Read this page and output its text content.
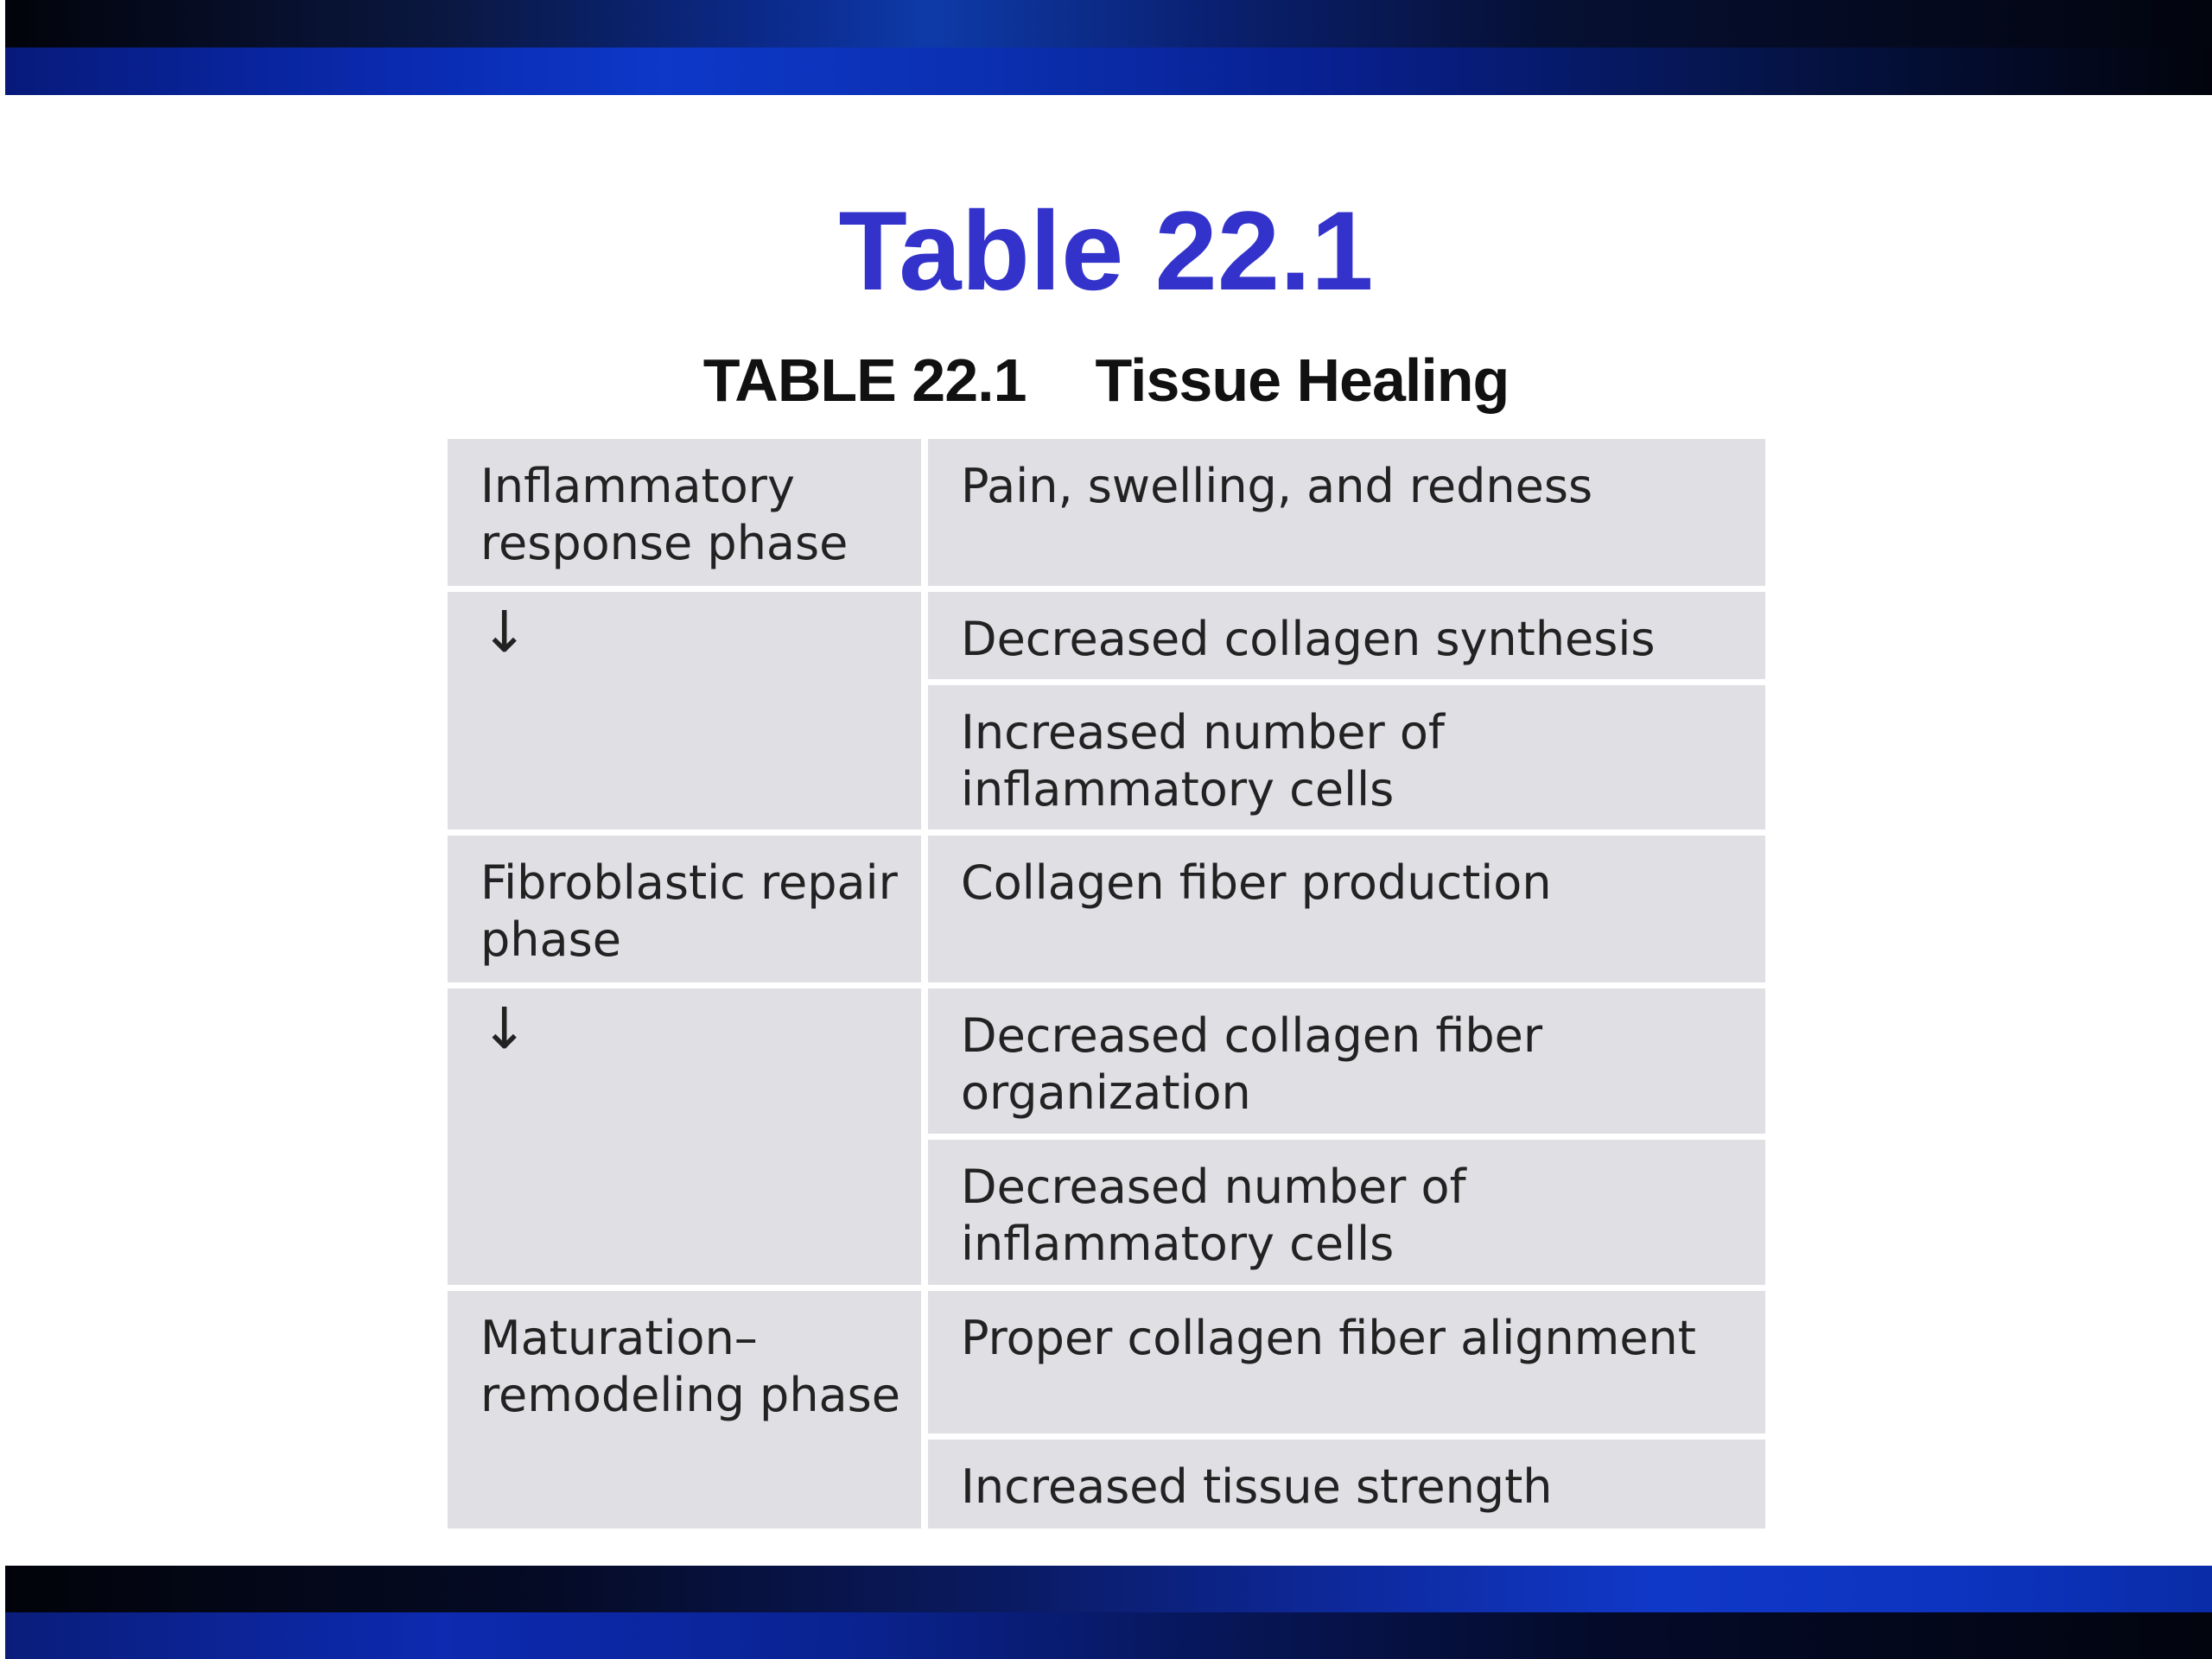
Table 22.1
TABLE 22.1 Tissue Healing
Inflammatory response phase
↓
Fibroblastic repair phase
↓
Maturation–remodeling phase
Pain, swelling, and redness
Decreased collagen synthesis
Increased number of inflammatory cells
Collagen fiber production
Decreased collagen fiber organization
Decreased number of inflammatory cells
Proper collagen fiber alignment
Increased tissue strength
